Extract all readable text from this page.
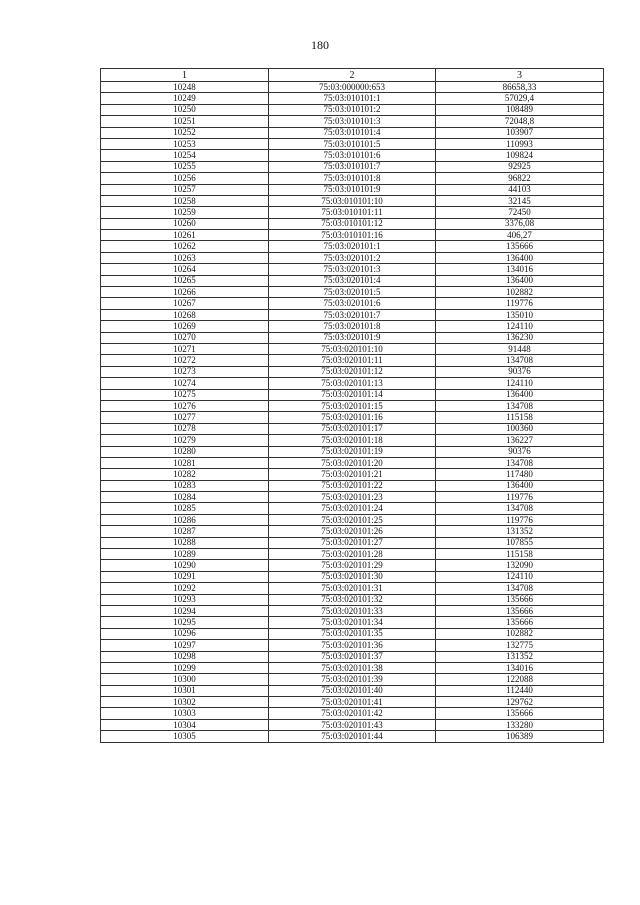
180
1	2	3
10248	75:03:000000:653	86658,33
10249	75:03:010101:1	57029,4
10250	75:03:010101:2	108489
10251	75:03:010101:3	72048,8
10252	75:03:010101:4	103907
10253	75:03:010101:5	110993
10254	75:03:010101:6	109824
10255	75:03:010101:7	92925
10256	75:03:010101:8	96822
10257	75:03:010101:9	44103
10258	75:03:010101:10	32145
10259	75:03:010101:11	72450
10260	75:03:010101:12	3376,08
10261	75:03:010101:16	406,27
10262	75:03:020101:1	135666
10263	75:03:020101:2	136400
10264	75:03:020101:3	134016
10265	75:03:020101:4	136400
10266	75:03:020101:5	102882
10267	75:03:020101:6	119776
10268	75:03:020101:7	135010
10269	75:03:020101:8	124110
10270	75:03:020101:9	136230
10271	75:03:020101:10	91448
10272	75:03:020101:11	134708
10273	75:03:020101:12	90376
10274	75:03:020101:13	124110
10275	75:03:020101:14	136400
10276	75:03:020101:15	134708
10277	75:03:020101:16	115158
10278	75:03:020101:17	100360
10279	75:03:020101:18	136227
10280	75:03:020101:19	90376
10281	75:03:020101:20	134708
10282	75:03:020101:21	117480
10283	75:03:020101:22	136400
10284	75:03:020101:23	119776
10285	75:03:020101:24	134708
10286	75:03:020101:25	119776
10287	75:03:020101:26	131352
10288	75:03:020101:27	107855
10289	75:03:020101:28	115158
10290	75:03:020101:29	132090
10291	75:03:020101:30	124110
10292	75:03:020101:31	134708
10293	75:03:020101:32	135666
10294	75:03:020101:33	135666
10295	75:03:020101:34	135666
10296	75:03:020101:35	102882
10297	75:03:020101:36	132775
10298	75:03:020101:37	131352
10299	75:03:020101:38	134016
10300	75:03:020101:39	122088
10301	75:03:020101:40	112440
10302	75:03:020101:41	129762
10303	75:03:020101:42	135666
10304	75:03:020101:43	133280
10305	75:03:020101:44	106389
